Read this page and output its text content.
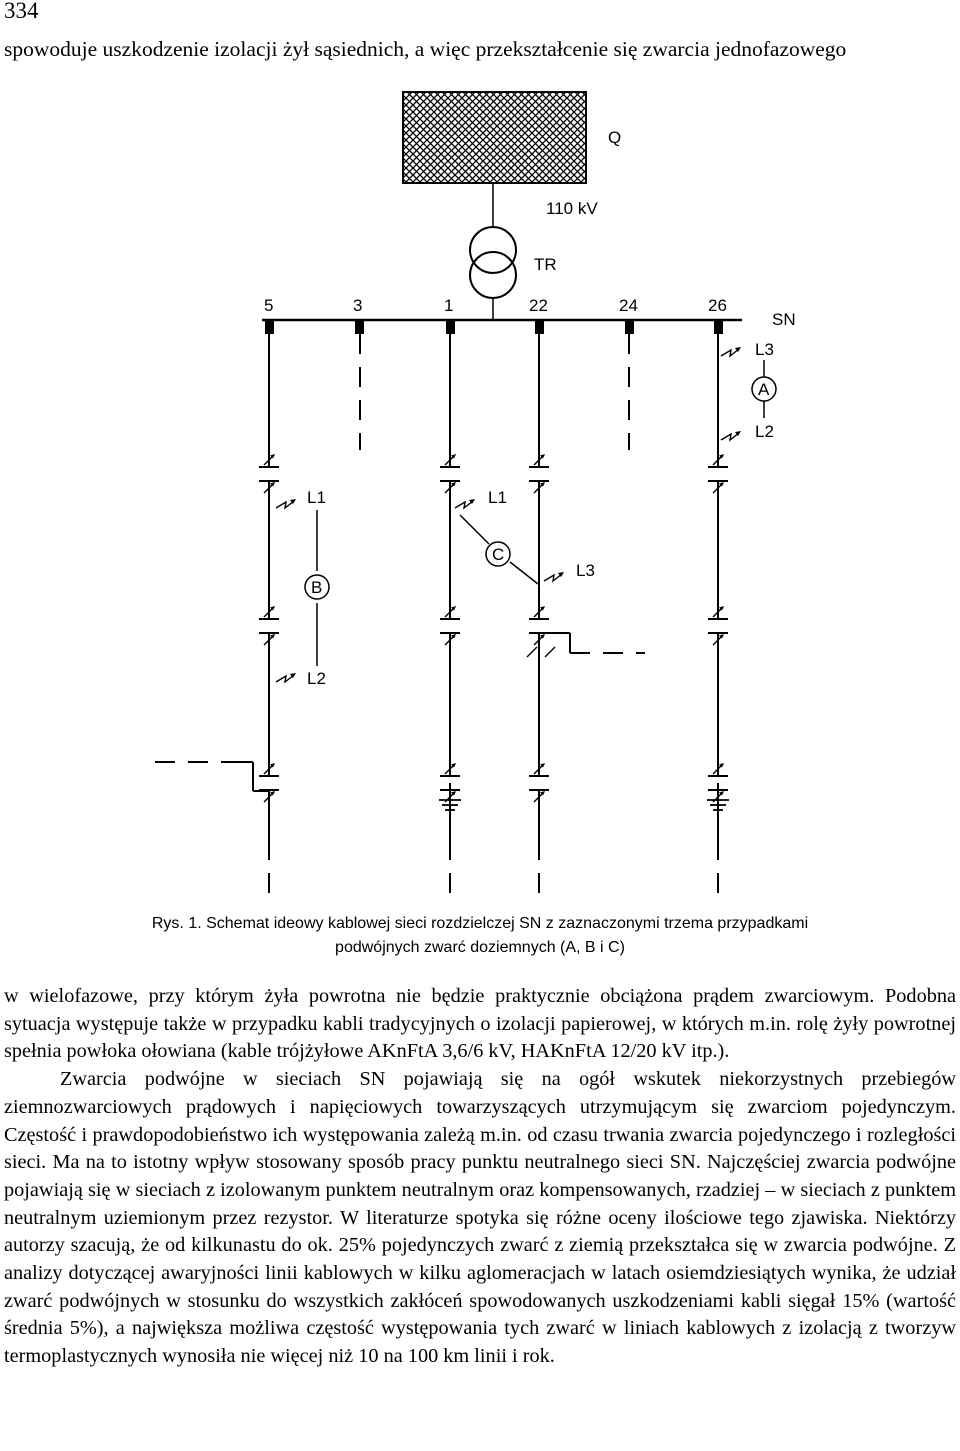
334
spowoduje uszkodzenie izolacji żył sąsiednich, a więc przekształcenie się zwarcia jednofazowego
Q
110 kV
TR
SN
5	3	1	22	24	26
L3
A
L2
L1
B
L2
L1
C
L3
Rys. 1. Schemat ideowy kablowej sieci rozdzielczej SN z zaznaczonymi trzema przypadkami
podwójnych zwarć doziemnych (A, B i C)

w wielofazowe, przy którym żyła powrotna nie będzie praktycznie obciążona prądem zwarciowym. Podobna sytuacja występuje także w przypadku kabli tradycyjnych o izolacji papierowej, w których m.in. rolę żyły powrotnej spełnia powłoka ołowiana (kable trójżyłowe AKnFtA 3,6/6 kV, HAKnFtA 12/20 kV itp.).

Zwarcia podwójne w sieciach SN pojawiają się na ogół wskutek niekorzystnych przebiegów ziemnozwarciowych prądowych i napięciowych towarzyszących utrzymującym się zwarciom pojedynczym. Częstość i prawdopodobieństwo ich występowania zależą m.in. od czasu trwania zwarcia pojedynczego i rozległości sieci. Ma na to istotny wpływ stosowany sposób pracy punktu neutralnego sieci SN. Najczęściej zwarcia podwójne pojawiają się w sieciach z izolowanym punktem neutralnym oraz kompensowanych, rzadziej – w sieciach z punktem neutralnym uziemionym przez rezystor. W literaturze spotyka się różne oceny ilościowe tego zjawiska. Niektórzy autorzy szacują, że od kilkunastu do ok. 25% pojedynczych zwarć z ziemią przekształca się w zwarcia podwójne. Z analizy dotyczącej awaryjności linii kablowych w kilku aglomeracjach w latach osiemdziesiątych wynika, że udział zwarć podwójnych w stosunku do wszystkich zakłóceń spowodowanych uszkodzeniami kabli sięgał 15% (wartość średnia 5%), a największa możliwa częstość występowania tych zwarć w liniach kablowych z izolacją z tworzyw termoplastycznych wynosiła nie więcej niż 10 na 100 km linii i rok.
